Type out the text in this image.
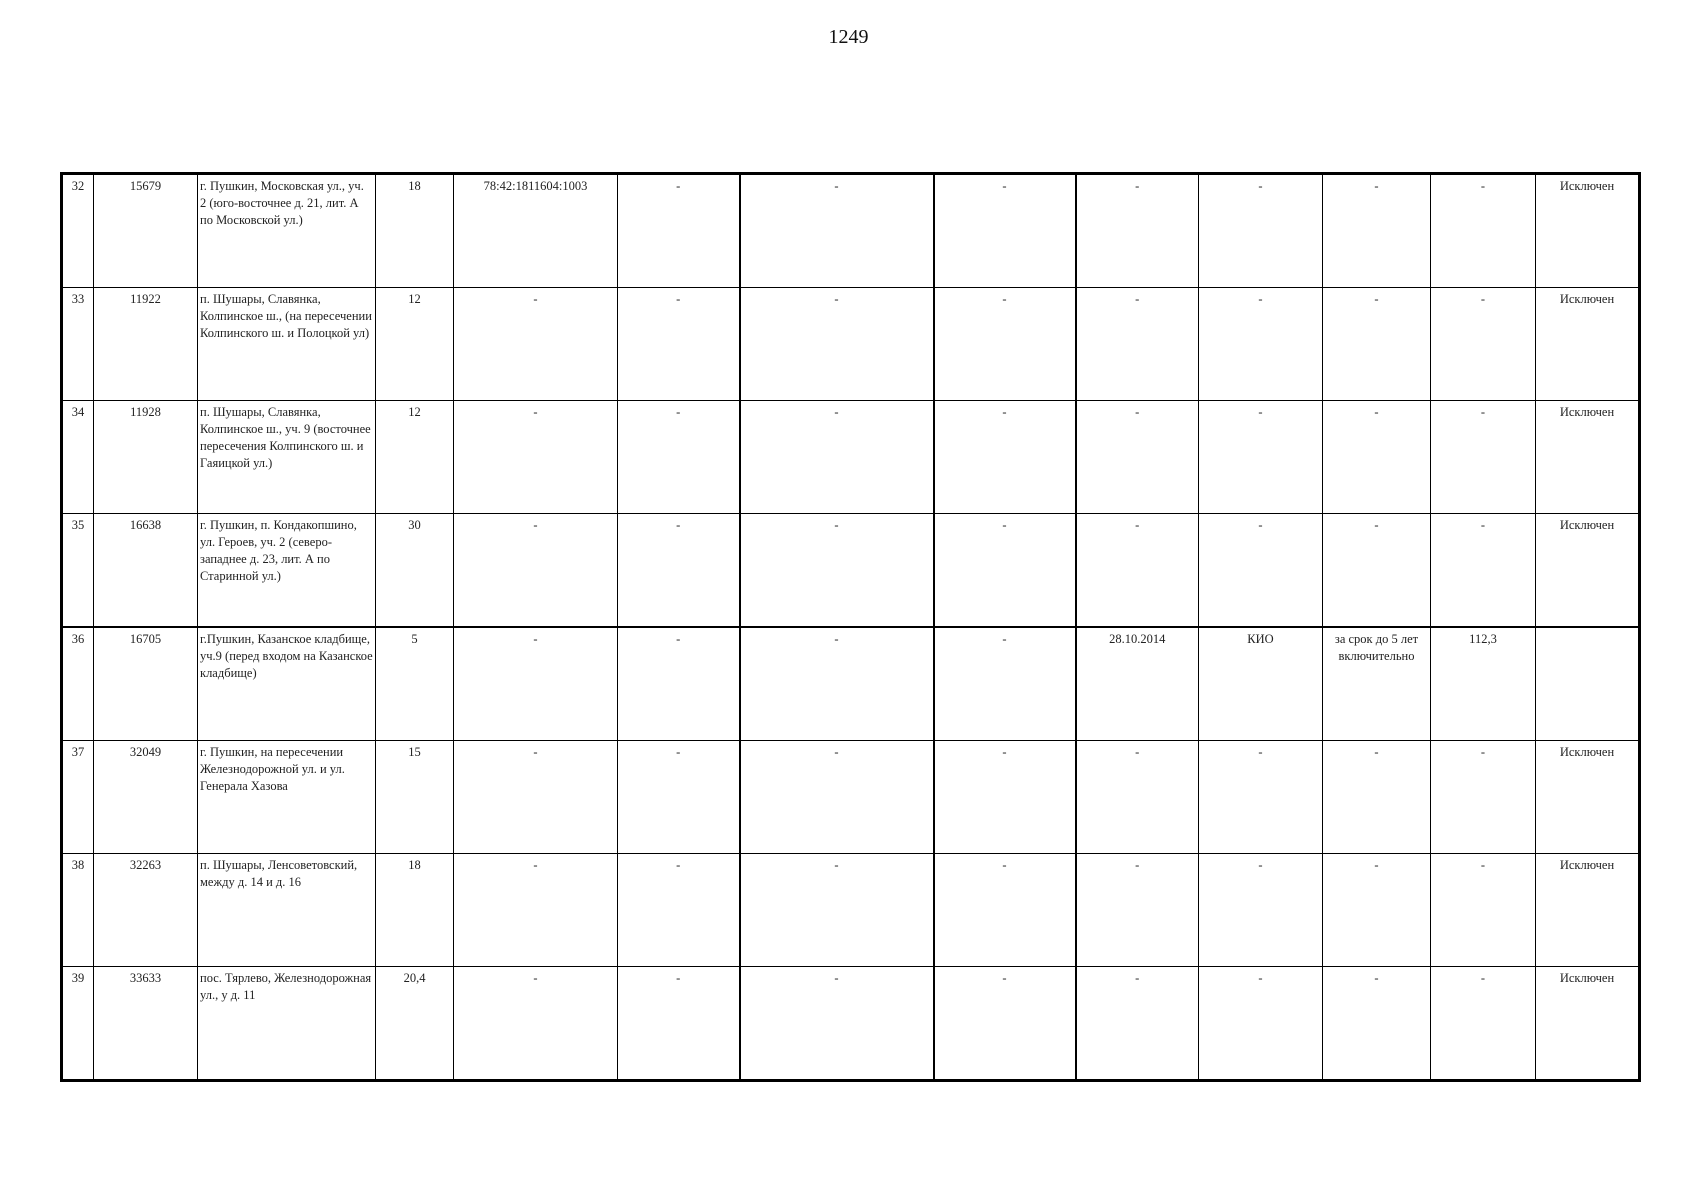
1249
32	15679	г. Пушкин, Московская ул., уч. 2 (юго-восточнее д. 21, лит. А по Московской ул.)	18	78:42:1811604:1003	-	-	-	-	-	-	-	Исключен
33	11922	п. Шушары, Славянка, Колпинское ш., (на пересечении Колпинского ш. и Полоцкой ул)	12	-	-	-	-	-	-	-	-	Исключен
34	11928	п. Шушары, Славянка, Колпинское ш., уч. 9 (восточнее пересечения Колпинского ш. и Гаяицкой ул.)	12	-	-	-	-	-	-	-	-	Исключен
35	16638	г. Пушкин, п. Кондакопшино, ул. Героев, уч. 2 (северо-западнее д. 23, лит. А по Старинной ул.)	30	-	-	-	-	-	-	-	-	Исключен
36	16705	г.Пушкин, Казанское кладбище, уч.9 (перед входом на Казанское кладбище)	5	-	-	-	-	28.10.2014	КИО	за срок до 5 лет включительно	112,3	
37	32049	г. Пушкин, на пересечении Железнодорожной ул. и ул. Генерала Хазова	15	-	-	-	-	-	-	-	-	Исключен
38	32263	п. Шушары, Ленсоветовский, между д. 14 и д. 16	18	-	-	-	-	-	-	-	-	Исключен
39	33633	пос. Тярлево, Железнодорожная ул., у д. 11	20,4	-	-	-	-	-	-	-	-	Исключен
